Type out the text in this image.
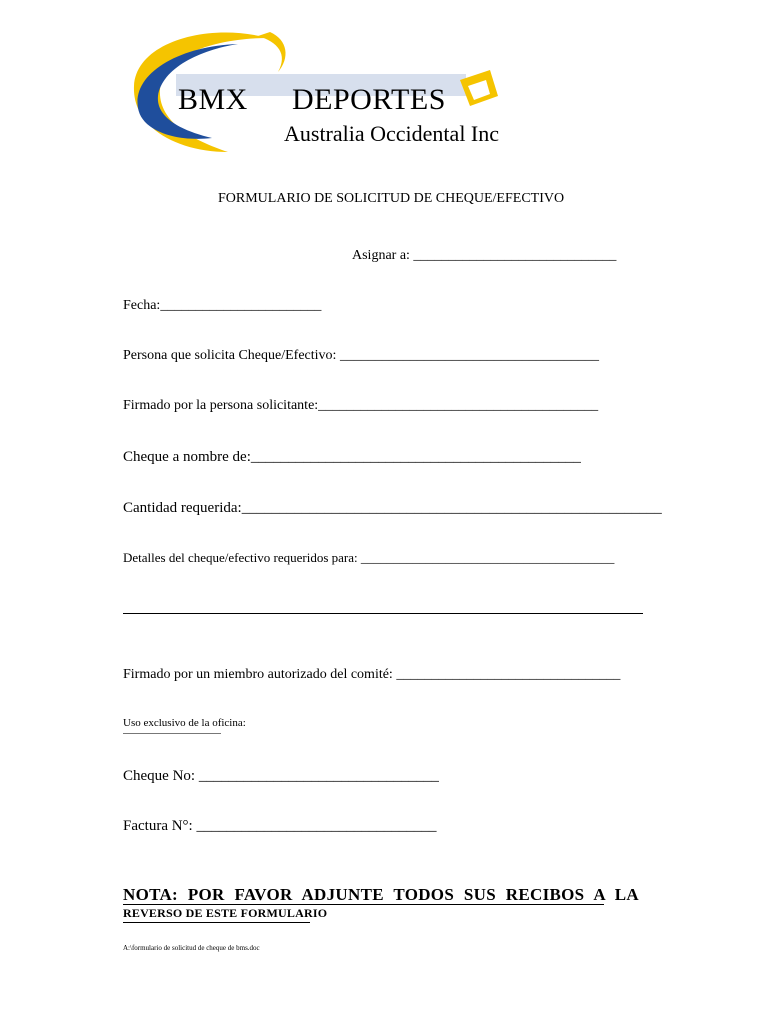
BMX DEPORTES
Australia Occidental Inc
FORMULARIO DE SOLICITUD DE CHEQUE/EFECTIVO
Asignar a: _____________________________
Fecha:_______________________
Persona que solicita Cheque/Efectivo: _____________________________________
Firmado por la persona solicitante:________________________________________
Cheque a nombre de:____________________________________________
Cantidad requerida:________________________________________________________
Detalles del cheque/efectivo requeridos para: _______________________________________
Firmado por un miembro autorizado del comité: ________________________________
Uso exclusivo de la oficina:
Cheque No: ________________________________
Factura N°: ________________________________
NOTA: POR FAVOR ADJUNTE TODOS SUS RECIBOS A LA
REVERSO DE ESTE FORMULARIO
A:\formulario de solicitud de cheque de bms.doc
